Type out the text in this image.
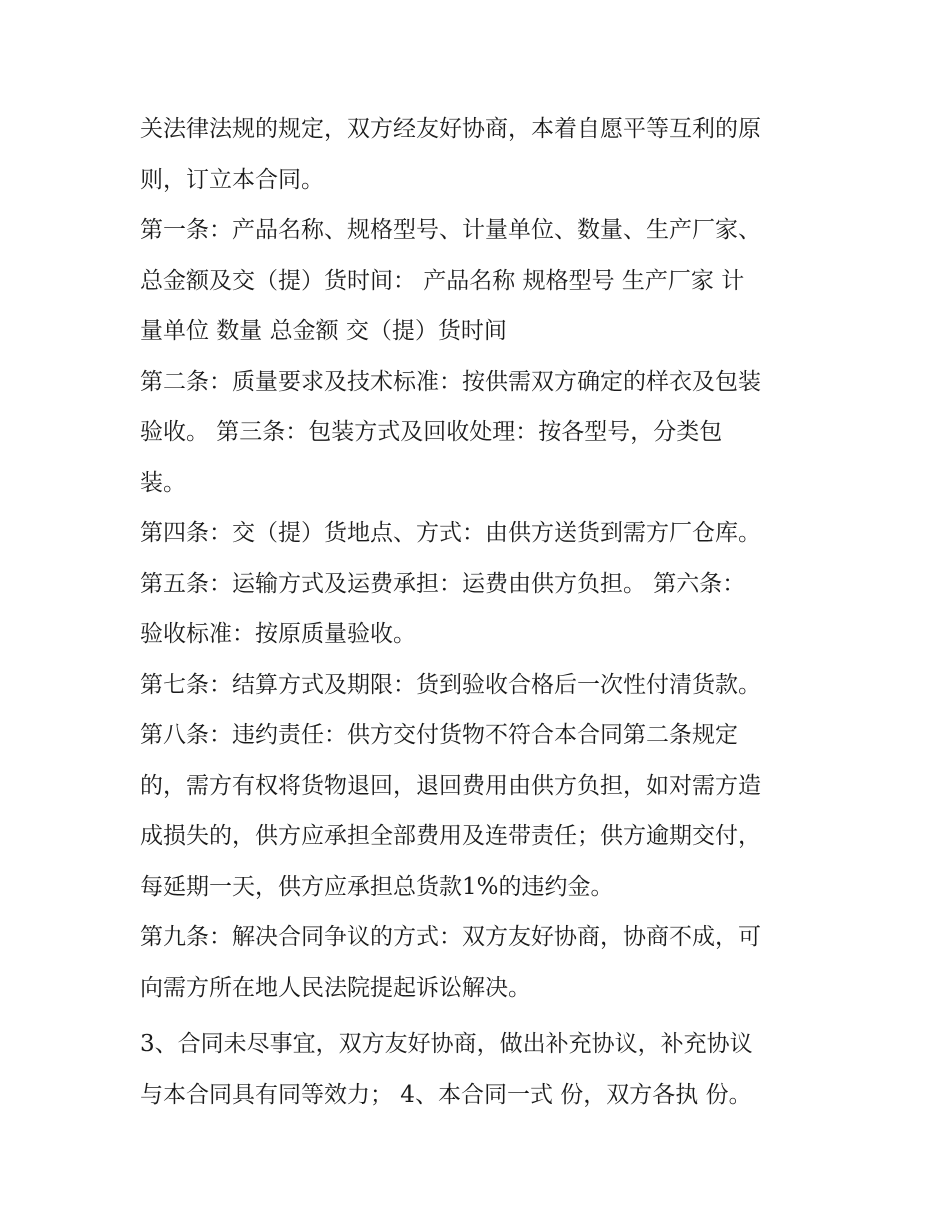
关法律法规的规定，双方经友好协商，本着自愿平等互利的原
则，订立本合同。
第一条：产品名称、规格型号、计量单位、数量、生产厂家、
总金额及交（提）货时间： 产品名称 规格型号 生产厂家 计
量单位 数量 总金额 交（提）货时间
第二条：质量要求及技术标准：按供需双方确定的样衣及包装
验收。 第三条：包装方式及回收处理：按各型号，分类包
装。
第四条：交（提）货地点、方式：由供方送货到需方厂仓库。
第五条：运输方式及运费承担：运费由供方负担。 第六条：
验收标准：按原质量验收。
第七条：结算方式及期限：货到验收合格后一次性付清货款。
第八条：违约责任：供方交付货物不符合本合同第二条规定
的，需方有权将货物退回，退回费用由供方负担，如对需方造
成损失的，供方应承担全部费用及连带责任；供方逾期交付，
每延期一天，供方应承担总货款1%的违约金。
第九条：解决合同争议的方式：双方友好协商，协商不成，可
向需方所在地人民法院提起诉讼解决。
3、合同未尽事宜，双方友好协商，做出补充协议，补充协议
与本合同具有同等效力； 4、本合同一式 份，双方各执 份。
